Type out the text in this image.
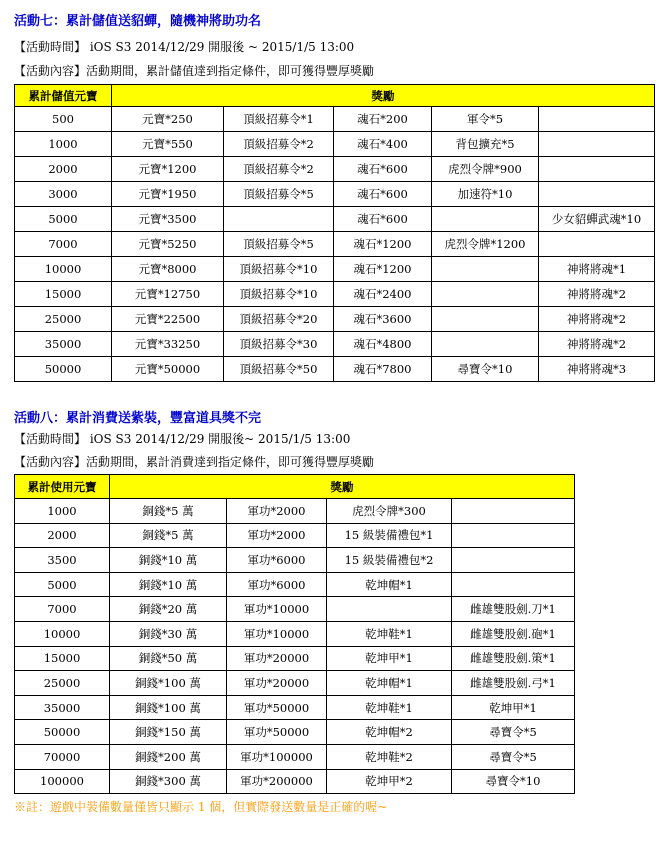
活動七：累計儲值送貂蟬，隨機神將助功名
【活動時間】 iOS S3 2014/12/29 開服後 ~ 2015/1/5 13:00
【活動內容】活動期間，累計儲值達到指定條件，即可獲得豐厚獎勵
累計儲值元寶	獎勵				
500	元寶*250	頂級招募令*1	魂石*200	軍令*5	
1000	元寶*550	頂級招募令*2	魂石*400	背包擴充*5	
2000	元寶*1200	頂級招募令*2	魂石*600	虎烈令牌*900	
3000	元寶*1950	頂級招募令*5	魂石*600	加速符*10	
5000	元寶*3500		魂石*600		少女貂蟬武魂*10
7000	元寶*5250	頂級招募令*5	魂石*1200	虎烈令牌*1200	
10000	元寶*8000	頂級招募令*10	魂石*1200		神將將魂*1
15000	元寶*12750	頂級招募令*10	魂石*2400		神將將魂*2
25000	元寶*22500	頂級招募令*20	魂石*3600		神將將魂*2
35000	元寶*33250	頂級招募令*30	魂石*4800		神將將魂*2
50000	元寶*50000	頂級招募令*50	魂石*7800	尋寶令*10	神將將魂*3
活動八：累計消費送紫裝，豐富道具獎不完
【活動時間】 iOS S3 2014/12/29 開服後~ 2015/1/5 13:00
【活動內容】活動期間，累計消費達到指定條件，即可獲得豐厚獎勵
累計使用元寶	獎勵			
1000	銅錢*5 萬	軍功*2000	虎烈令牌*300	
2000	銅錢*5 萬	軍功*2000	15 級裝備禮包*1	
3500	銅錢*10 萬	軍功*6000	15 級裝備禮包*2	
5000	銅錢*10 萬	軍功*6000	乾坤帽*1	
7000	銅錢*20 萬	軍功*10000		雌雄雙股劍.刀*1
10000	銅錢*30 萬	軍功*10000	乾坤鞋*1	雌雄雙股劍.砲*1
15000	銅錢*50 萬	軍功*20000	乾坤甲*1	雌雄雙股劍.策*1
25000	銅錢*100 萬	軍功*20000	乾坤帽*1	雌雄雙股劍.弓*1
35000	銅錢*100 萬	軍功*50000	乾坤鞋*1	乾坤甲*1
50000	銅錢*150 萬	軍功*50000	乾坤帽*2	尋寶令*5
70000	銅錢*200 萬	軍功*100000	乾坤鞋*2	尋寶令*5
100000	銅錢*300 萬	軍功*200000	乾坤甲*2	尋寶令*10
※註：遊戲中裝備數量僅皆只顯示 1 個，但實際發送數量是正確的喔~
